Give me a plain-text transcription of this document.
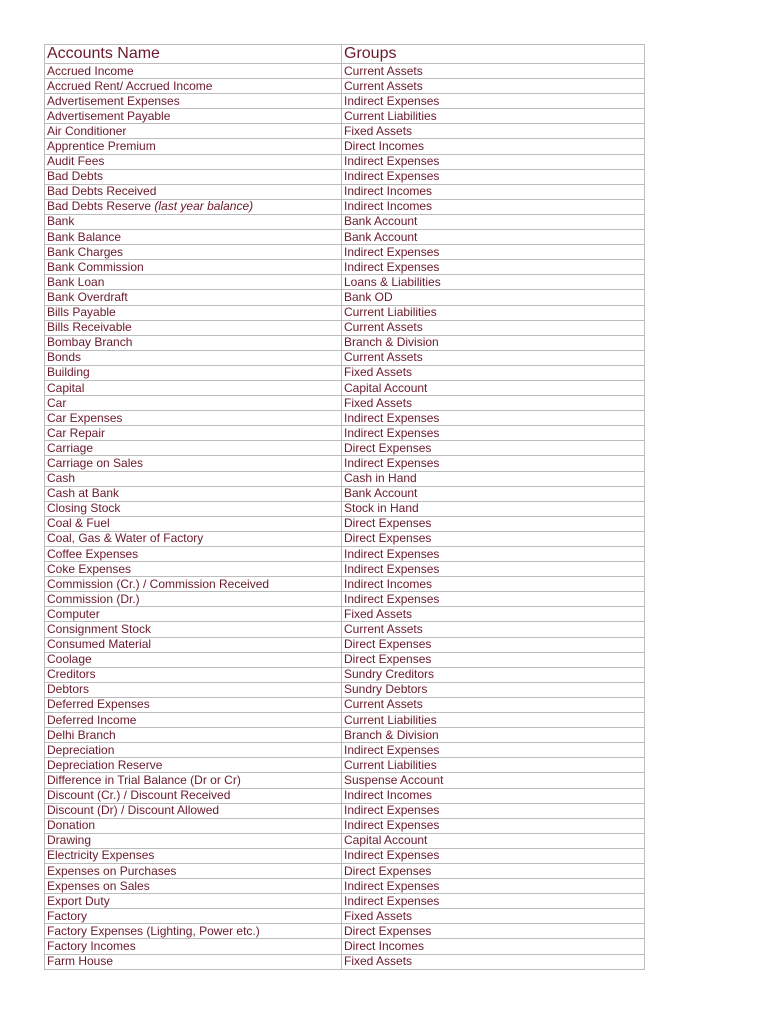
Accounts Name	Groups
Accrued Income	Current Assets
Accrued Rent/ Accrued Income	Current Assets
Advertisement Expenses	Indirect Expenses
Advertisement Payable	Current Liabilities
Air Conditioner	Fixed Assets
Apprentice Premium	Direct Incomes
Audit Fees	Indirect Expenses
Bad Debts	Indirect Expenses
Bad Debts Received	Indirect Incomes
Bad Debts Reserve (last year balance)	Indirect Incomes
Bank	Bank Account
Bank Balance	Bank Account
Bank Charges	Indirect Expenses
Bank Commission	Indirect Expenses
Bank Loan	Loans & Liabilities
Bank Overdraft	Bank OD
Bills Payable	Current Liabilities
Bills Receivable	Current Assets
Bombay Branch	Branch & Division
Bonds	Current Assets
Building	Fixed Assets
Capital	Capital Account
Car	Fixed Assets
Car Expenses	Indirect Expenses
Car Repair	Indirect Expenses
Carriage	Direct Expenses
Carriage on Sales	Indirect Expenses
Cash	Cash in Hand
Cash at Bank	Bank Account
Closing Stock	Stock in Hand
Coal & Fuel	Direct Expenses
Coal, Gas & Water of Factory	Direct Expenses
Coffee Expenses	Indirect Expenses
Coke Expenses	Indirect Expenses
Commission (Cr.) / Commission Received	Indirect Incomes
Commission (Dr.)	Indirect Expenses
Computer	Fixed Assets
Consignment Stock	Current Assets
Consumed Material	Direct Expenses
Coolage	Direct Expenses
Creditors	Sundry Creditors
Debtors	Sundry Debtors
Deferred Expenses	Current Assets
Deferred Income	Current Liabilities
Delhi Branch	Branch & Division
Depreciation	Indirect Expenses
Depreciation Reserve	Current Liabilities
Difference in Trial Balance (Dr or Cr)	Suspense Account
Discount (Cr.) / Discount Received	Indirect Incomes
Discount (Dr) / Discount Allowed	Indirect Expenses
Donation	Indirect Expenses
Drawing	Capital Account
Electricity Expenses	Indirect Expenses
Expenses on Purchases	Direct Expenses
Expenses on Sales	Indirect Expenses
Export Duty	Indirect Expenses
Factory	Fixed Assets
Factory Expenses (Lighting, Power etc.)	Direct Expenses
Factory Incomes	Direct Incomes
Farm House	Fixed Assets
